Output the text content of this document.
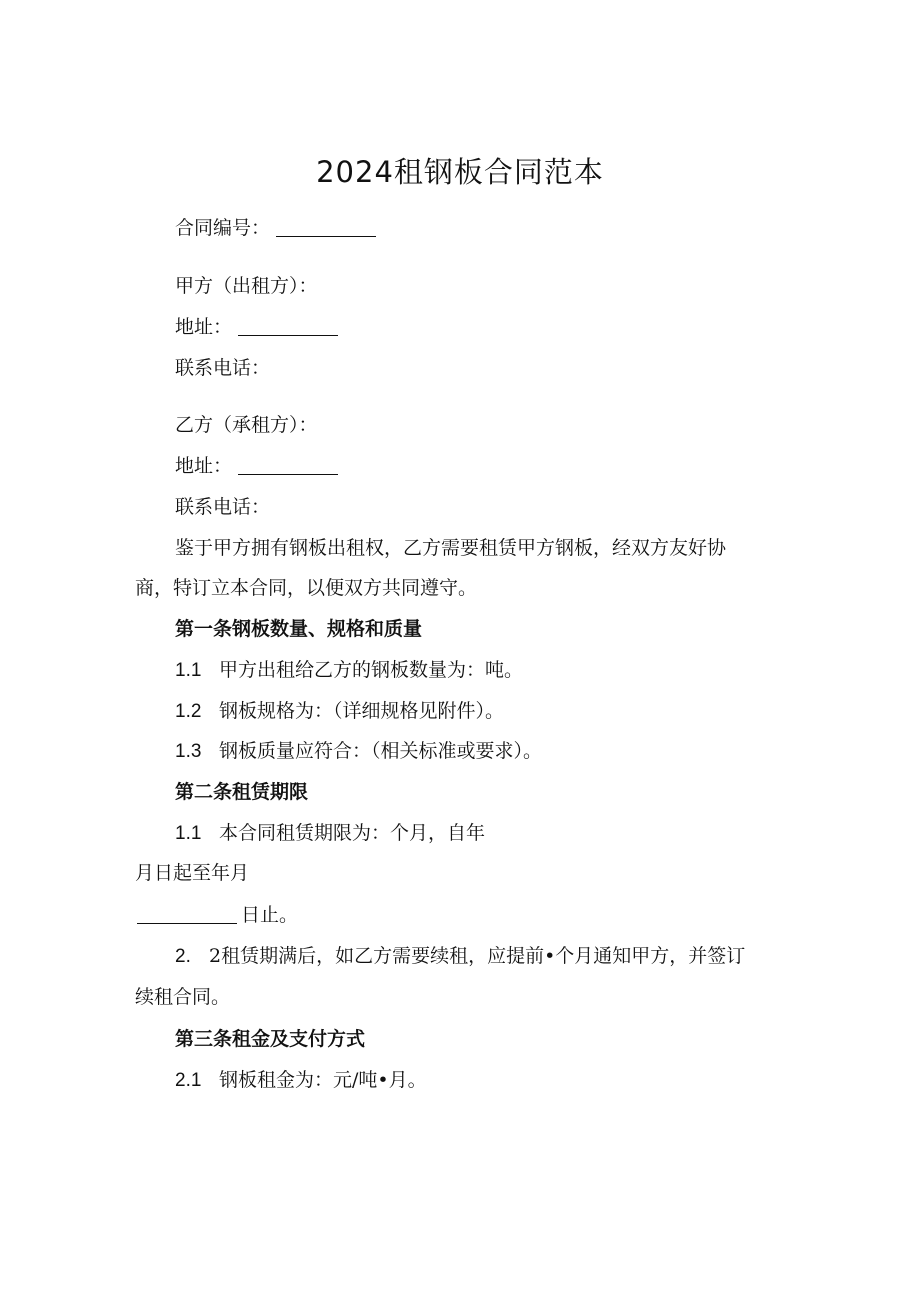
2024租钢板合同范本
合同编号：
甲方（出租方）：
地址：
联系电话：
乙方（承租方）：
地址：
联系电话：
鉴于甲方拥有钢板出租权，乙方需要租赁甲方钢板，经双方友好协
商，特订立本合同，以便双方共同遵守。
第一条钢板数量、规格和质量
1.1 甲方出租给乙方的钢板数量为：吨。
1.2 钢板规格为：（详细规格见附件）。
1.3 钢板质量应符合：（相关标准或要求）。
第二条租赁期限
1.1 本合同租赁期限为：个月，自年
月日起至年月
日止。
2. 2租赁期满后，如乙方需要续租，应提前•个月通知甲方，并签订
续租合同。
第三条租金及支付方式
2.1 钢板租金为：元/吨•月。
